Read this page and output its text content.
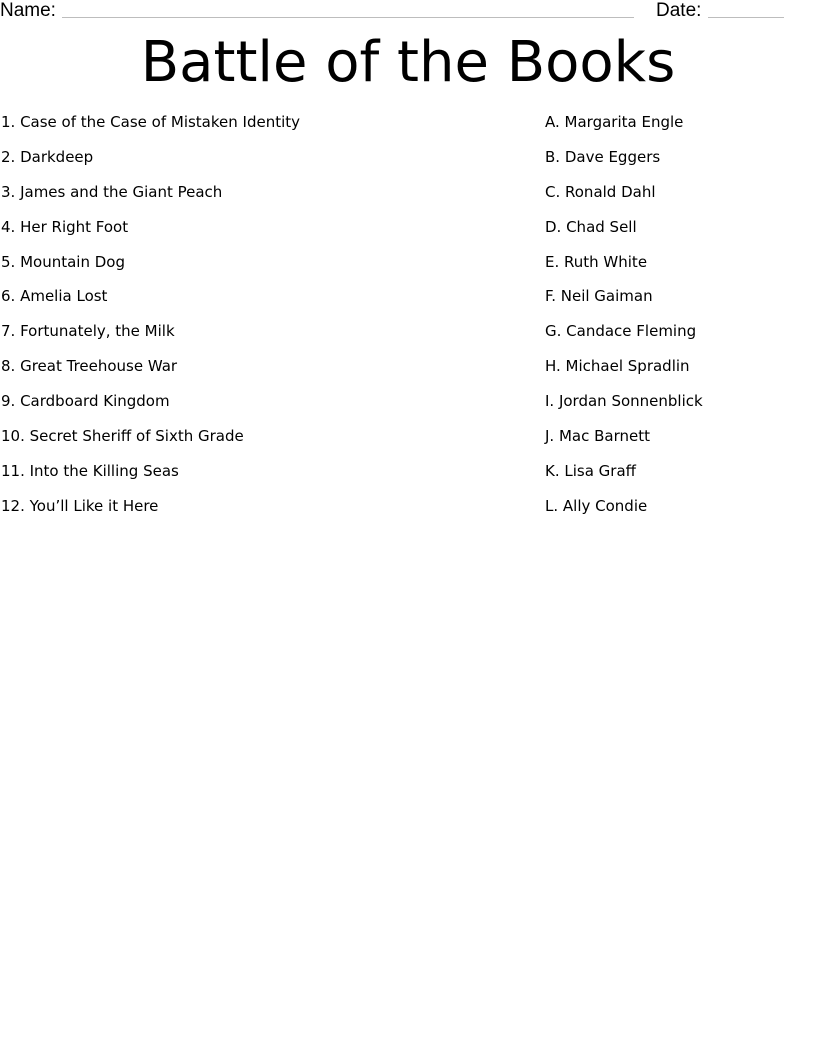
Name:	Date:
Battle of the Books
1. Case of the Case of Mistaken Identity
2. Darkdeep
3. James and the Giant Peach
4. Her Right Foot
5. Mountain Dog
6. Amelia Lost
7. Fortunately, the Milk
8. Great Treehouse War
9. Cardboard Kingdom
10. Secret Sheriff of Sixth Grade
11. Into the Killing Seas
12. You’ll Like it Here
A. Margarita Engle
B. Dave Eggers
C. Ronald Dahl
D. Chad Sell
E. Ruth White
F. Neil Gaiman
G. Candace Fleming
H. Michael Spradlin
I. Jordan Sonnenblick
J. Mac Barnett
K. Lisa Graff
L. Ally Condie
